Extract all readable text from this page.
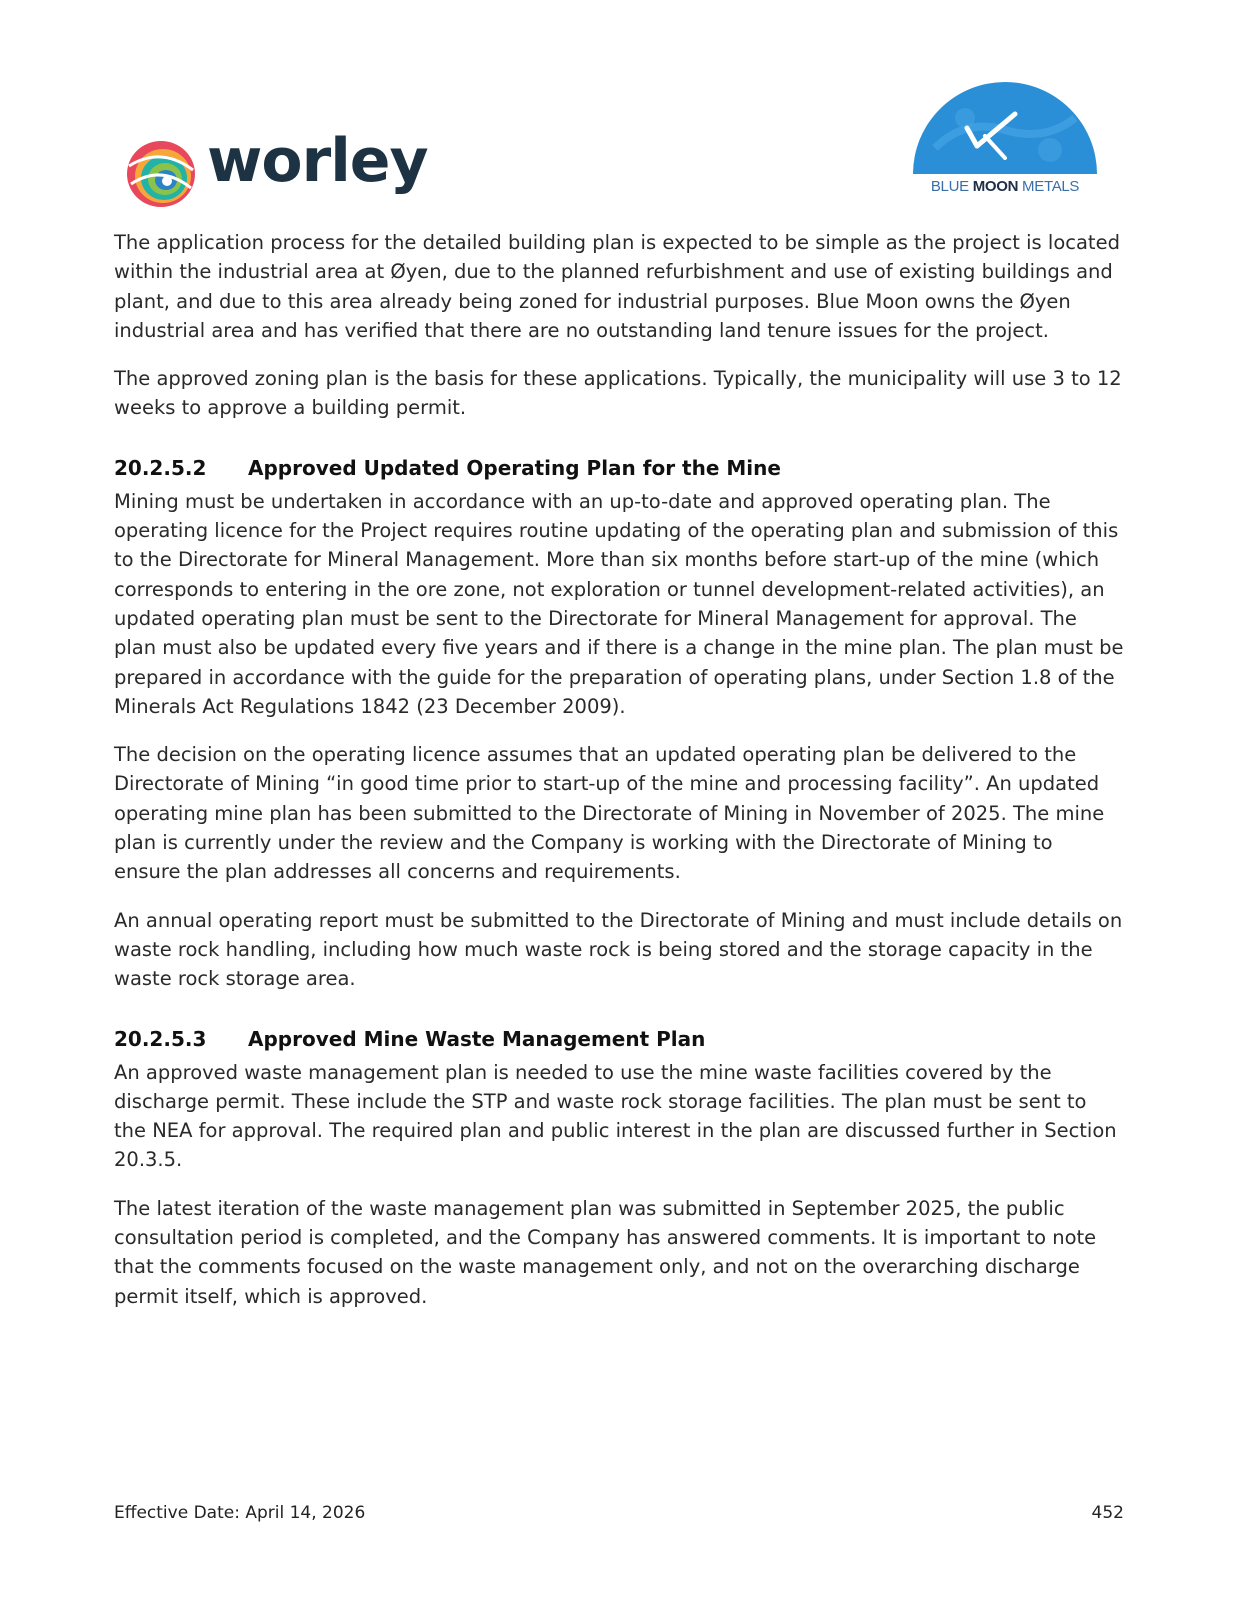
worley	BLUE MOON METALS

The application process for the detailed building plan is expected to be simple as the project is located within the industrial area at Øyen, due to the planned refurbishment and use of existing buildings and plant, and due to this area already being zoned for industrial purposes. Blue Moon owns the Øyen industrial area and has verified that there are no outstanding land tenure issues for the project.

The approved zoning plan is the basis for these applications. Typically, the municipality will use 3 to 12 weeks to approve a building permit.

20.2.5.2 Approved Updated Operating Plan for the Mine

Mining must be undertaken in accordance with an up-to-date and approved operating plan. The operating licence for the Project requires routine updating of the operating plan and submission of this to the Directorate for Mineral Management. More than six months before start-up of the mine (which corresponds to entering in the ore zone, not exploration or tunnel development-related activities), an updated operating plan must be sent to the Directorate for Mineral Management for approval. The plan must also be updated every five years and if there is a change in the mine plan. The plan must be prepared in accordance with the guide for the preparation of operating plans, under Section 1.8 of the Minerals Act Regulations 1842 (23 December 2009).

The decision on the operating licence assumes that an updated operating plan be delivered to the Directorate of Mining “in good time prior to start-up of the mine and processing facility”. An updated operating mine plan has been submitted to the Directorate of Mining in November of 2025. The mine plan is currently under the review and the Company is working with the Directorate of Mining to ensure the plan addresses all concerns and requirements.

An annual operating report must be submitted to the Directorate of Mining and must include details on waste rock handling, including how much waste rock is being stored and the storage capacity in the waste rock storage area.

20.2.5.3 Approved Mine Waste Management Plan

An approved waste management plan is needed to use the mine waste facilities covered by the discharge permit. These include the STP and waste rock storage facilities. The plan must be sent to the NEA for approval. The required plan and public interest in the plan are discussed further in Section 20.3.5.

The latest iteration of the waste management plan was submitted in September 2025, the public consultation period is completed, and the Company has answered comments. It is important to note that the comments focused on the waste management only, and not on the overarching discharge permit itself, which is approved.

Effective Date: April 14, 2026	452
